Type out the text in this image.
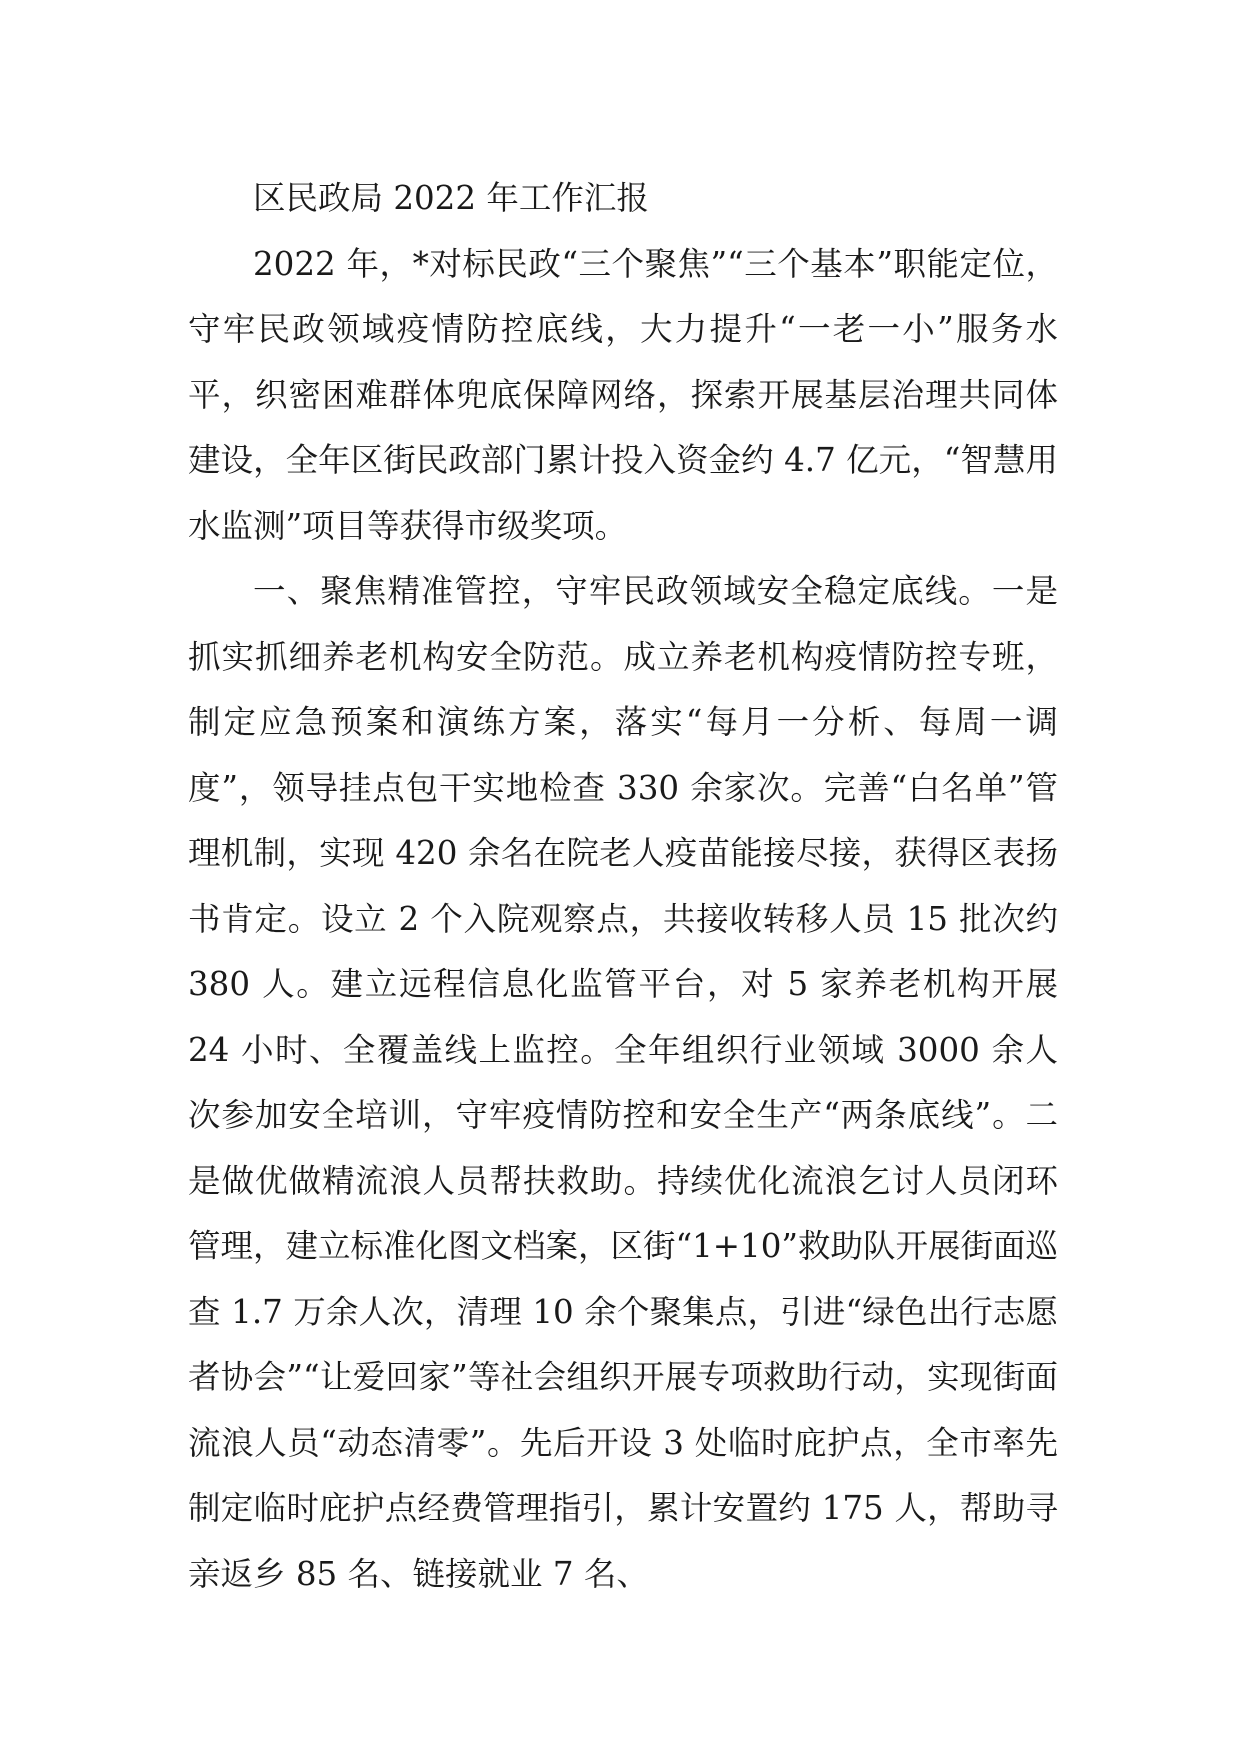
区民政局 2022 年工作汇报

2022 年，*对标民政“三个聚焦”“三个基本”职能定位，守牢民政领域疫情防控底线，大力提升“一老一小”服务水平，织密困难群体兜底保障网络，探索开展基层治理共同体建设，全年区街民政部门累计投入资金约 4.7 亿元，“智慧用水监测”项目等获得市级奖项。

一、聚焦精准管控，守牢民政领域安全稳定底线。一是抓实抓细养老机构安全防范。成立养老机构疫情防控专班，制定应急预案和演练方案，落实“每月一分析、每周一调度”，领导挂点包干实地检查 330 余家次。完善“白名单”管理机制，实现 420 余名在院老人疫苗能接尽接，获得区表扬书肯定。设立 2 个入院观察点，共接收转移人员 15 批次约 380 人。建立远程信息化监管平台，对 5 家养老机构开展 24 小时、全覆盖线上监控。全年组织行业领域 3000 余人次参加安全培训，守牢疫情防控和安全生产“两条底线”。二是做优做精流浪人员帮扶救助。持续优化流浪乞讨人员闭环管理，建立标准化图文档案，区街“1+10”救助队开展街面巡查 1.7 万余人次，清理 10 余个聚集点，引进“绿色出行志愿者协会”“让爱回家”等社会组织开展专项救助行动，实现街面流浪人员“动态清零”。先后开设 3 处临时庇护点，全市率先制定临时庇护点经费管理指引，累计安置约 175 人，帮助寻亲返乡 85 名、链接就业 7 名、
